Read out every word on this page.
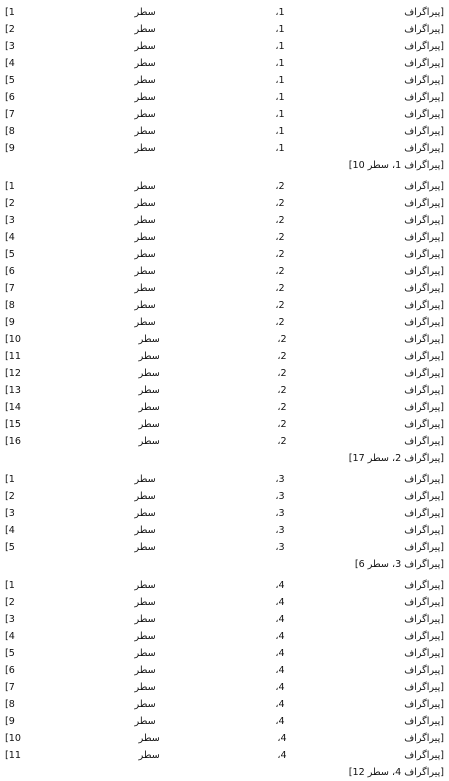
[پیراگراف 1، سطر 1]
[پیراگراف 1، سطر 2]
[پیراگراف 1، سطر 3]
[پیراگراف 1، سطر 4]
[پیراگراف 1، سطر 5]
[پیراگراف 1، سطر 6]
[پیراگراف 1، سطر 7]
[پیراگراف 1، سطر 8]
[پیراگراف 1، سطر 9]
[پیراگراف 1، سطر 10]
[پیراگراف 2، سطر 1]
[پیراگراف 2، سطر 2]
[پیراگراف 2، سطر 3]
[پیراگراف 2، سطر 4]
[پیراگراف 2، سطر 5]
[پیراگراف 2، سطر 6]
[پیراگراف 2، سطر 7]
[پیراگراف 2، سطر 8]
[پیراگراف 2، سطر 9]
[پیراگراف 2، سطر 10]
[پیراگراف 2، سطر 11]
[پیراگراف 2، سطر 12]
[پیراگراف 2، سطر 13]
[پیراگراف 2، سطر 14]
[پیراگراف 2، سطر 15]
[پیراگراف 2، سطر 16]
[پیراگراف 2، سطر 17]
[پیراگراف 3، سطر 1]
[پیراگراف 3، سطر 2]
[پیراگراف 3، سطر 3]
[پیراگراف 3، سطر 4]
[پیراگراف 3، سطر 5]
[پیراگراف 3، سطر 6]
[پیراگراف 4، سطر 1]
[پیراگراف 4، سطر 2]
[پیراگراف 4، سطر 3]
[پیراگراف 4، سطر 4]
[پیراگراف 4، سطر 5]
[پیراگراف 4، سطر 6]
[پیراگراف 4، سطر 7]
[پیراگراف 4، سطر 8]
[پیراگراف 4، سطر 9]
[پیراگراف 4، سطر 10]
[پیراگراف 4، سطر 11]
[پیراگراف 4، سطر 12]
